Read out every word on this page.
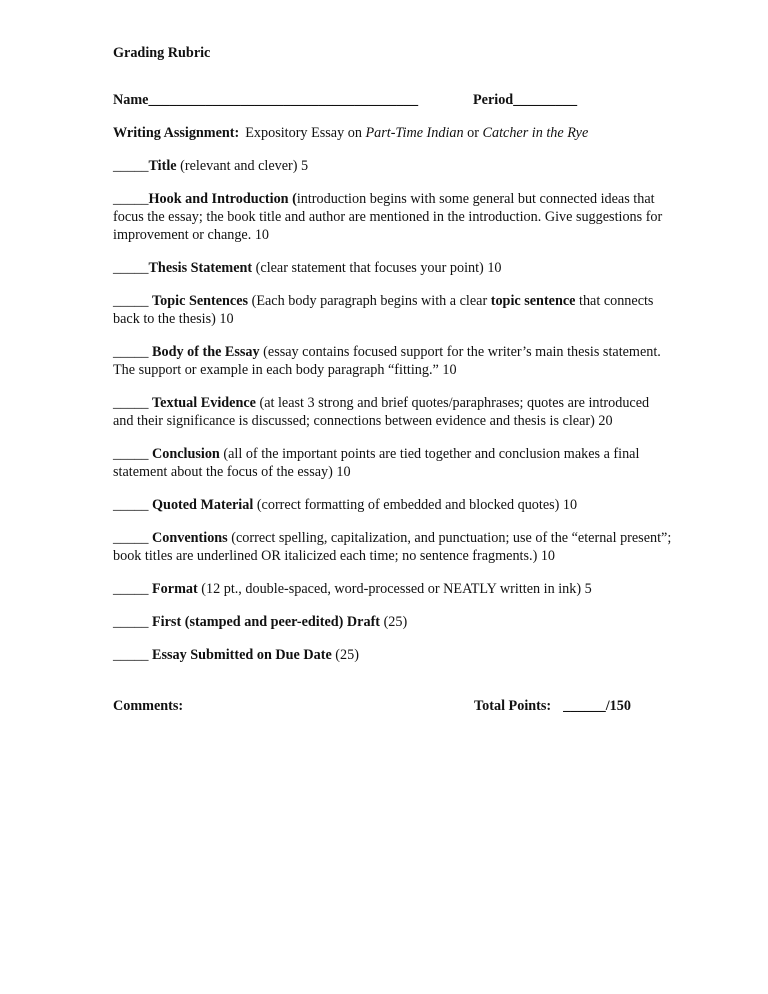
Grading Rubric

Name______________________________________	Period_________

Writing Assignment: Expository Essay on Part-Time Indian or Catcher in the Rye

_____Title (relevant and clever) 5

_____Hook and Introduction (introduction begins with some general but connected ideas that focus the essay; the book title and author are mentioned in the introduction. Give suggestions for improvement or change. 10

_____Thesis Statement (clear statement that focuses your point) 10

_____ Topic Sentences (Each body paragraph begins with a clear topic sentence that connects back to the thesis) 10

_____ Body of the Essay (essay contains focused support for the writer’s main thesis statement. The support or example in each body paragraph “fitting.” 10

_____ Textual Evidence (at least 3 strong and brief quotes/paraphrases; quotes are introduced and their significance is discussed; connections between evidence and thesis is clear) 20

_____ Conclusion (all of the important points are tied together and conclusion makes a final statement about the focus of the essay) 10

_____ Quoted Material (correct formatting of embedded and blocked quotes) 10

_____ Conventions (correct spelling, capitalization, and punctuation; use of the “eternal present”; book titles are underlined OR italicized each time; no sentence fragments.) 10

_____ Format (12 pt., double-spaced, word-processed or NEATLY written in ink) 5

_____ First (stamped and peer-edited) Draft (25)

_____ Essay Submitted on Due Date (25)

Comments:	Total Points: ______/150
